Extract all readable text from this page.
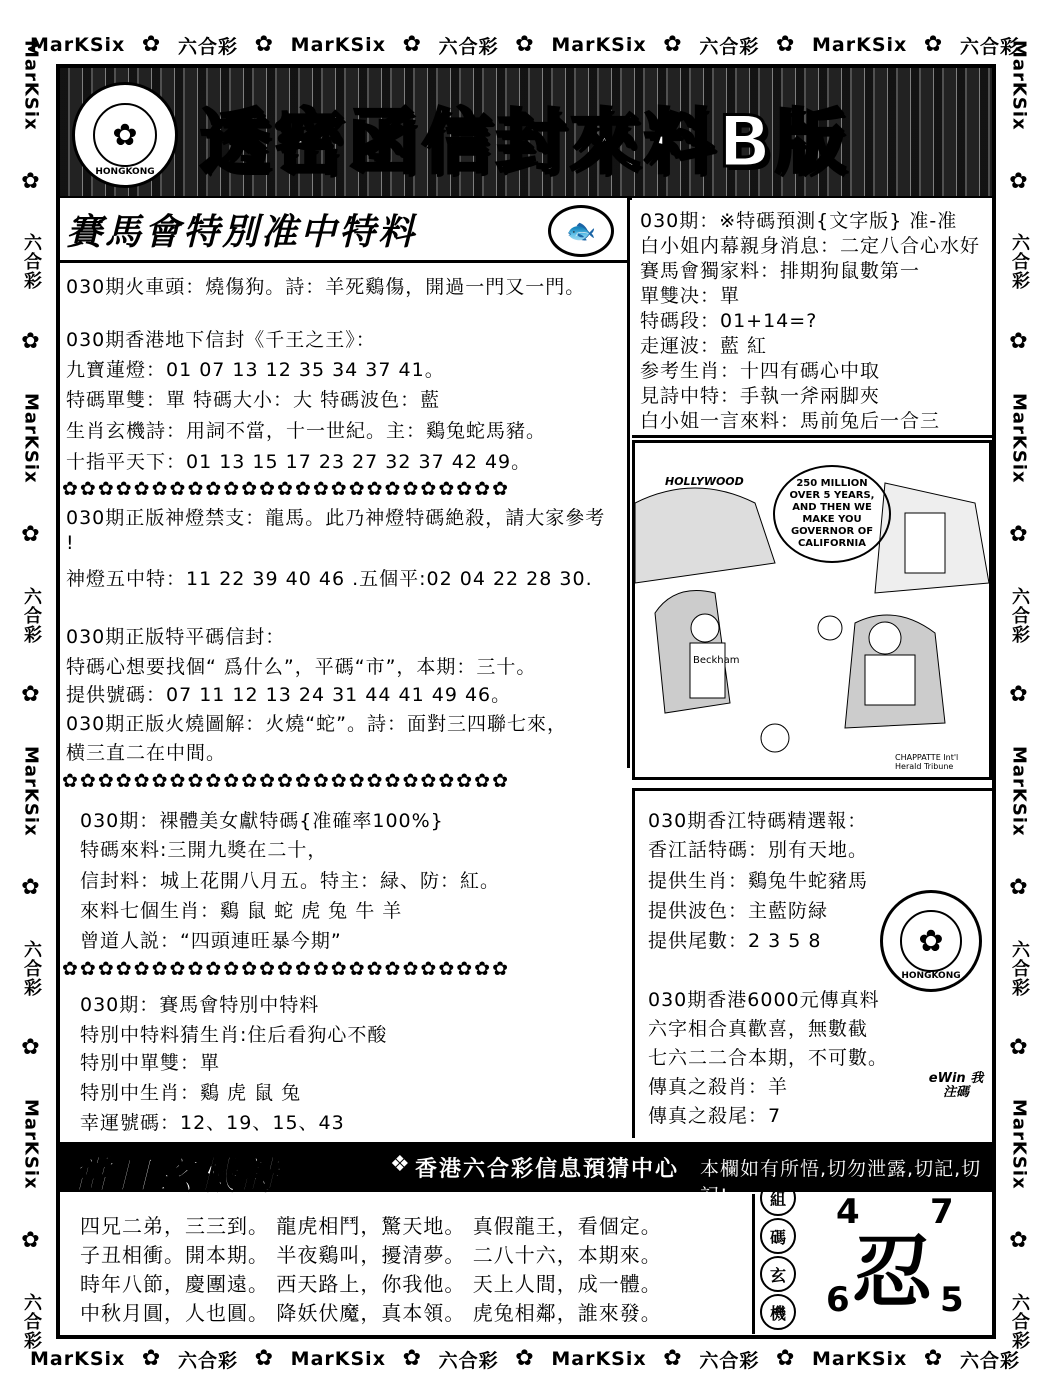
MarKSix ✿ 六合彩 ✿ MarKSix ✿ 六合彩 ✿ MarKSix ✿ 六合彩 ✿ MarKSix ✿ 六合彩
MarKSix ✿ 六合彩 ✿ MarKSix ✿ 六合彩 ✿ MarKSix ✿ 六合彩 ✿ MarKSix ✿ 六合彩
MarKSix
✿
六合彩
✿
MarKSix
✿
六合彩
✿
MarKSix
✿
六合彩
✿
MarKSix
✿
六合彩
MarKSix
✿
六合彩
✿
MarKSix
✿
六合彩
✿
MarKSix
✿
六合彩
✿
MarKSix
✿
六合彩
✿
HONGKONG 透密函信封來料B版
賽馬會特別准中特料	🐟
030期火車頭：燒傷狗。詩：羊死鷄傷，開過一門又一門。
030期香港地下信封《千王之王》：
九寶蓮燈：01 07 13 12 35 34 37 41。
特碼單雙：單 特碼大小：大 特碼波色：藍
生肖玄機詩：用詞不當，十一世紀。主：鷄兔蛇馬豬。
十指平天下：01 13 15 17 23 27 32 37 42 49。
✿✿✿✿✿✿✿✿✿✿✿✿✿✿✿✿✿✿✿✿✿✿✿✿✿
030期正版神燈禁支：龍馬。此乃神燈特碼絶殺，請大家參考
!
神燈五中特：11 22 39 40 46 .五個平:02 04 22 28 30.
030期正版特平碼信封：
特碼心想要找個“ 爲什么”，平碼“市”，本期：三十。
提供號碼：07 11 12 13 24 31 44 41 49 46。
030期正版火燒圖解：火燒“蛇”。詩：面對三四聯七來，
横三直二在中間。
✿✿✿✿✿✿✿✿✿✿✿✿✿✿✿✿✿✿✿✿✿✿✿✿✿
030期：※特碼預測{文字版} 准-准
白小姐内幕親身消息：二定八合心水好
賽馬會獨家料：排期狗鼠數第一
單雙决：單
特碼段：01+14=?
走運波：藍 紅
参考生肖：十四有碼心中取
見詩中特：手執一斧兩脚夾
白小姐一言來料：馬前兔后一合三
HOLLYWOOD	250 MILLION OVER 5 YEARS, AND THEN WE MAKE YOU GOVERNOR OF CALIFORNIA
Beckham
CHAPPATTE Int'l Herald Tribune
030期：裸體美女獻特碼{准確率100%}
特碼來料:三開九獎在二十，
信封料：城上花開八月五。特主：緑、防：紅。
來料七個生肖：鷄 鼠 蛇 虎 兔 牛 羊
曾道人説：“四頭連旺暴今期”
✿✿✿✿✿✿✿✿✿✿✿✿✿✿✿✿✿✿✿✿✿✿✿✿✿
030期：賽馬會特別中特料
特別中特料猜生肖:住后看狗心不酸
特別中單雙：單
特別中生肖：鷄 虎 鼠 兔
幸運號碼：12、19、15、43
030期香江特碼精選報：
香江話特碼：別有天地。
提供生肖：鷄兔牛蛇豬馬
提供波色：主藍防緑
提供尾數：2 3 5 8	✿
HONGKONG
030期香港6000元傳真料
六字相合真歡喜，無數截
七六二二合本期，不可數。
傳真之殺肖：羊
傳真之殺尾：7
eWin 我注碼
當日玄機詩	❖ 香港六合彩信息預猜中心 本欄如有所悟,切勿泄露,切記,切記!
四兄二弟，三三到。 龍虎相鬥，驚天地。 真假龍王，看個定。
子丑相衝。開本期。 半夜鷄叫，擾清夢。 二八十六，本期來。
時年八節，慶團遠。 西天路上，你我他。 天上人間，成一體。
中秋月圓，人也圓。 降妖伏魔，真本領。 虎兔相鄰，誰來發。
組
碼
玄
機
4 7
6	5
忍
